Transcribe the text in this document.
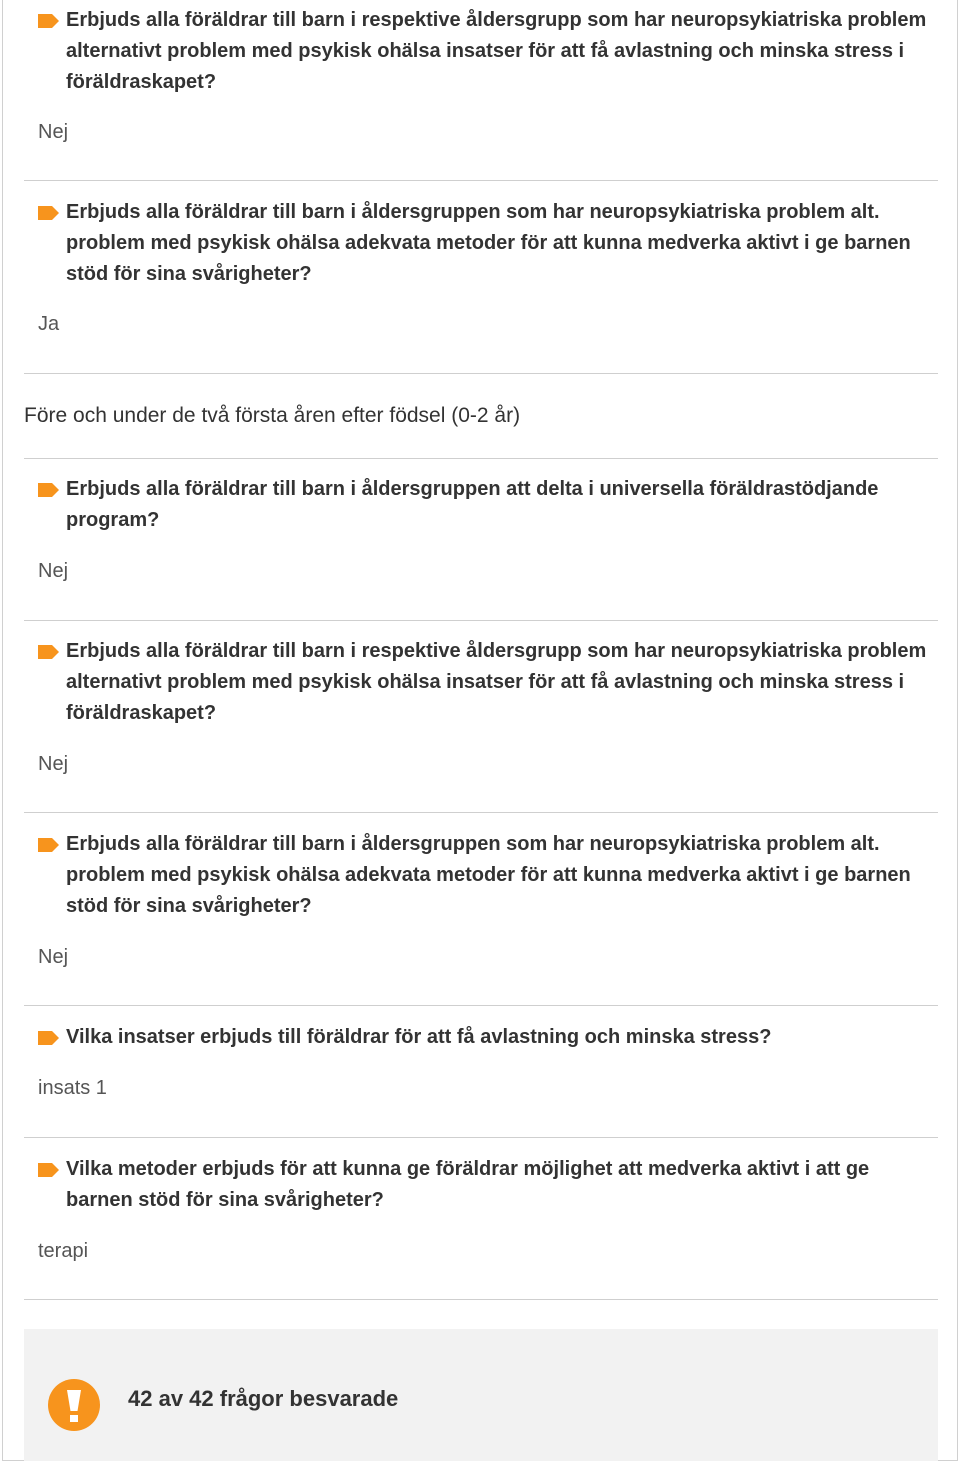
Erbjuds alla föräldrar till barn i respektive åldersgrupp som har neuropsykiatriska problem alternativt problem med psykisk ohälsa insatser för att få avlastning och minska stress i föräldraskapet?
Nej
Erbjuds alla föräldrar till barn i åldersgruppen som har neuropsykiatriska problem alt. problem med psykisk ohälsa adekvata metoder för att kunna medverka aktivt i ge barnen stöd för sina svårigheter?
Ja
Före och under de två första åren efter födsel (0-2 år)
Erbjuds alla föräldrar till barn i åldersgruppen att delta i universella föräldrastödjande program?
Nej
Erbjuds alla föräldrar till barn i respektive åldersgrupp som har neuropsykiatriska problem alternativt problem med psykisk ohälsa insatser för att få avlastning och minska stress i föräldraskapet?
Nej
Erbjuds alla föräldrar till barn i åldersgruppen som har neuropsykiatriska problem alt. problem med psykisk ohälsa adekvata metoder för att kunna medverka aktivt i ge barnen stöd för sina svårigheter?
Nej
Vilka insatser erbjuds till föräldrar för att få avlastning och minska stress?
insats 1
Vilka metoder erbjuds för att kunna ge föräldrar möjlighet att medverka aktivt i att ge barnen stöd för sina svårigheter?
terapi
42 av 42 frågor besvarade
